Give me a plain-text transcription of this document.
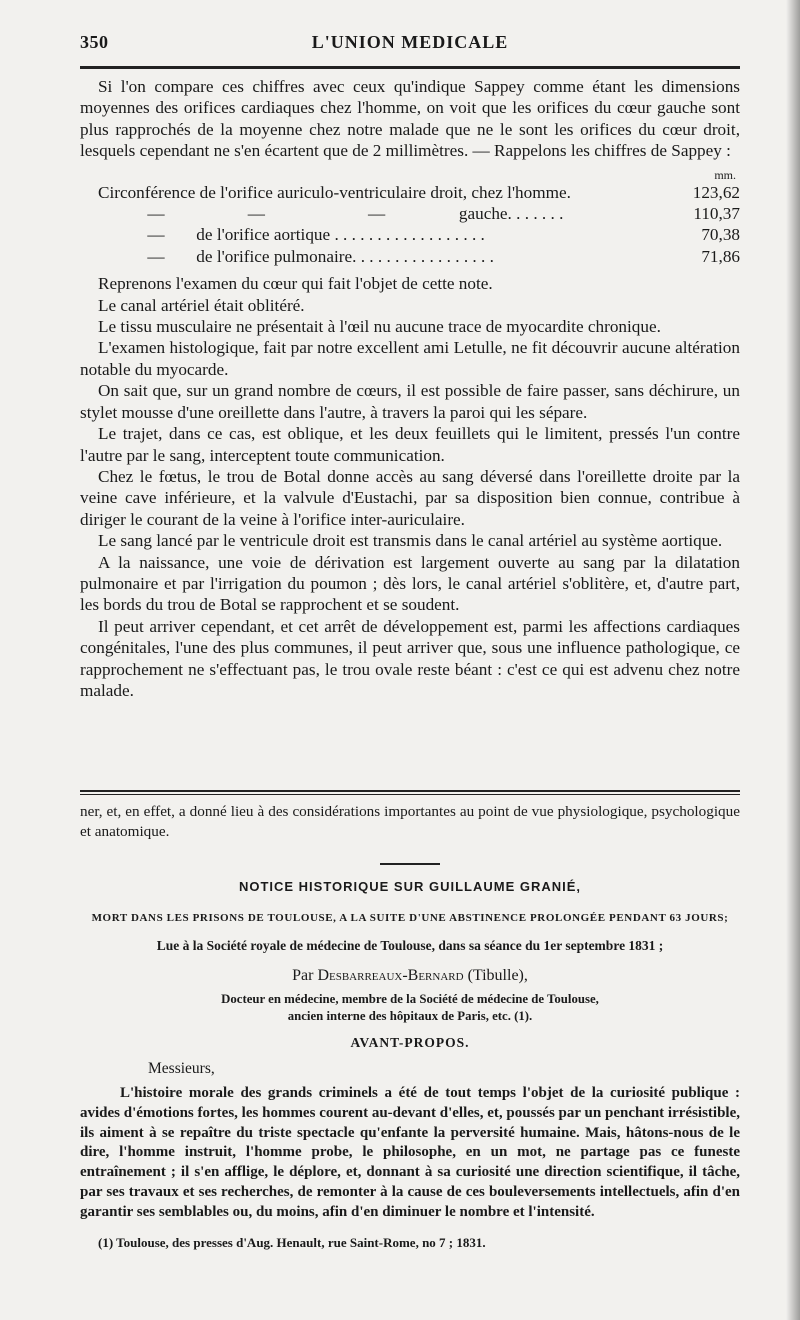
350	L'UNION MEDICALE

Si l'on compare ces chiffres avec ceux qu'indique Sappey comme étant les dimensions moyennes des orifices cardiaques chez l'homme, on voit que les orifices du cœur gauche sont plus rapprochés de la moyenne chez notre malade que ne le sont les orifices du cœur droit, lesquels cependant ne s'en écartent que de 2 millimètres. — Rappelons les chiffres de Sappey :

mm.
Circonférence de l'orifice auriculo-ventriculaire droit, chez l'homme.	123,62
—	—	—	gauche. . . . . . .	110,37
— de l'orifice aortique . . . . . . . . . . . . . . . . . .	70,38
— de l'orifice pulmonaire. . . . . . . . . . . . . . . . .	71,86

Reprenons l'examen du cœur qui fait l'objet de cette note.

Le canal artériel était oblitéré.

Le tissu musculaire ne présentait à l'œil nu aucune trace de myocardite chronique.

L'examen histologique, fait par notre excellent ami Letulle, ne fit découvrir aucune altération notable du myocarde.

On sait que, sur un grand nombre de cœurs, il est possible de faire passer, sans déchirure, un stylet mousse d'une oreillette dans l'autre, à travers la paroi qui les sépare.

Le trajet, dans ce cas, est oblique, et les deux feuillets qui le limitent, pressés l'un contre l'autre par le sang, interceptent toute communication.

Chez le fœtus, le trou de Botal donne accès au sang déversé dans l'oreillette droite par la veine cave inférieure, et la valvule d'Eustachi, par sa disposition bien connue, contribue à diriger le courant de la veine à l'orifice inter-auriculaire.

Le sang lancé par le ventricule droit est transmis dans le canal artériel au système aortique.

A la naissance, une voie de dérivation est largement ouverte au sang par la dilatation pulmonaire et par l'irrigation du poumon ; dès lors, le canal artériel s'oblitère, et, d'autre part, les bords du trou de Botal se rapprochent et se soudent.

Il peut arriver cependant, et cet arrêt de développement est, parmi les affections cardiaques congénitales, l'une des plus communes, il peut arriver que, sous une influence pathologique, ce rapprochement ne s'effectuant pas, le trou ovale reste béant : c'est ce qui est advenu chez notre malade.

ner, et, en effet, a donné lieu à des considérations importantes au point de vue physiologique, psychologique et anatomique.

NOTICE HISTORIQUE SUR GUILLAUME GRANIÉ,
MORT DANS LES PRISONS DE TOULOUSE, A LA SUITE D'UNE ABSTINENCE PROLONGÉE PENDANT 63 JOURS;
Lue à la Société royale de médecine de Toulouse, dans sa séance du 1er septembre 1831 ;
Par Desbarreaux-Bernard (Tibulle),
Docteur en médecine, membre de la Société de médecine de Toulouse,
ancien interne des hôpitaux de Paris, etc. (1).
AVANT-PROPOS.
Messieurs,

L'histoire morale des grands criminels a été de tout temps l'objet de la curiosité publique : avides d'émotions fortes, les hommes courent au-devant d'elles, et, poussés par un penchant irrésistible, ils aiment à se repaître du triste spectacle qu'enfante la perversité humaine. Mais, hâtons-nous de le dire, l'homme instruit, l'homme probe, le philosophe, en un mot, ne partage pas ce funeste entraînement ; il s'en afflige, le déplore, et, donnant à sa curiosité une direction scientifique, il tâche, par ses travaux et ses recherches, de remonter à la cause de ces bouleversements intellectuels, afin d'en garantir ses semblables ou, du moins, afin d'en diminuer le nombre et l'intensité.

(1) Toulouse, des presses d'Aug. Henault, rue Saint-Rome, no 7 ; 1831.
